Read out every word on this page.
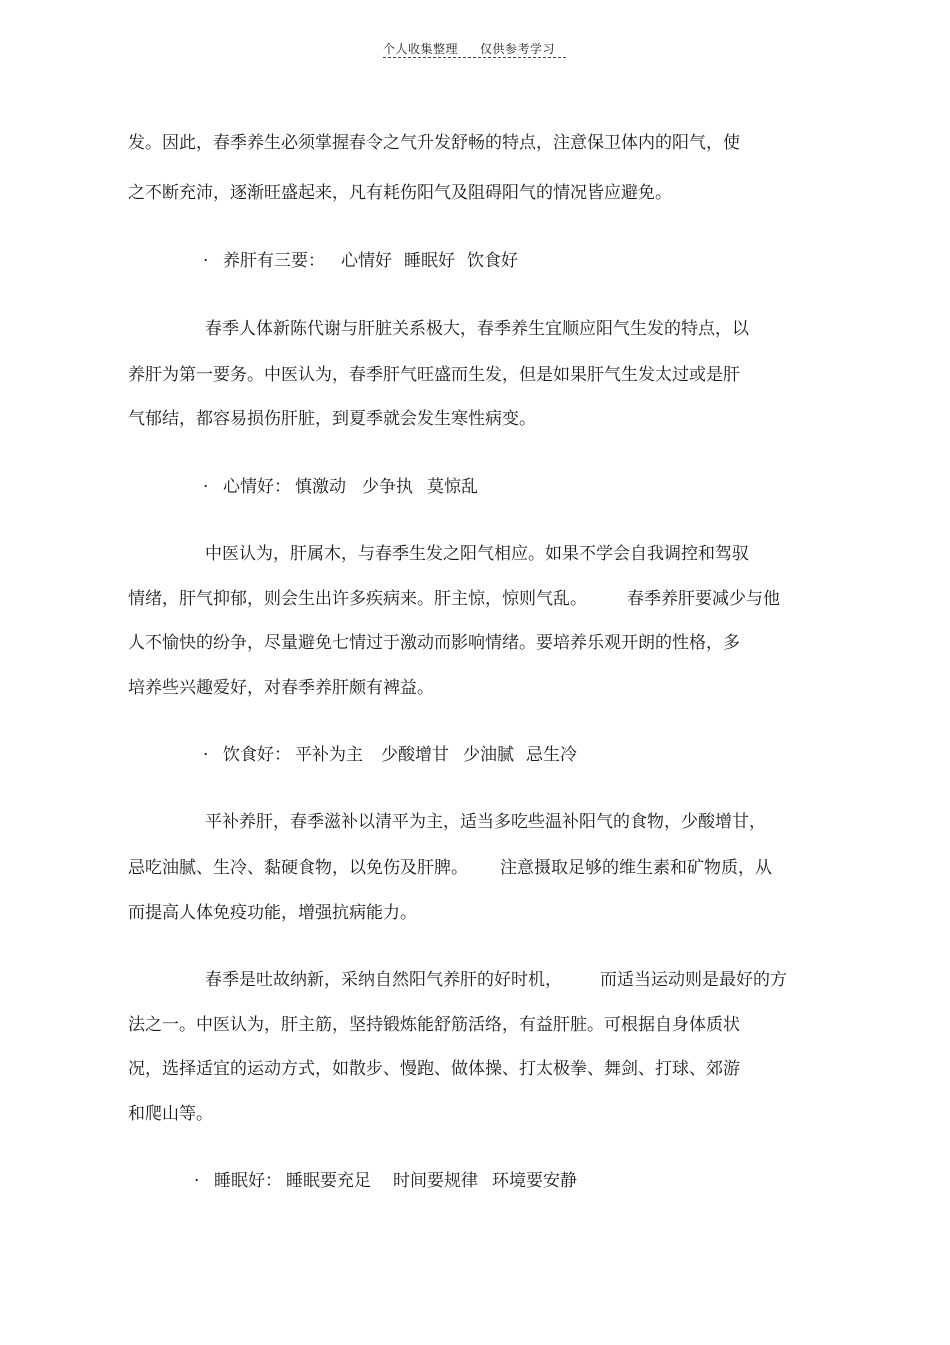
个人收集整理 仅供参考学习
发。因此，春季养生必须掌握春令之气升发舒畅的特点，注意保卫体内的阳气，使
之不断充沛，逐渐旺盛起来，凡有耗伤阳气及阻碍阳气的情况皆应避免。
· 养肝有三要： 心情好 睡眠好 饮食好
春季人体新陈代谢与肝脏关系极大，春季养生宜顺应阳气生发的特点，以
养肝为第一要务。中医认为，春季肝气旺盛而生发，但是如果肝气生发太过或是肝
气郁结，都容易损伤肝脏，到夏季就会发生寒性病变。
· 心情好： 慎激动 少争执 莫惊乱
中医认为，肝属木，与春季生发之阳气相应。如果不学会自我调控和驾驭
情绪，肝气抑郁，则会生出许多疾病来。肝主惊，惊则气乱。 春季养肝要减少与他
人不愉快的纷争，尽量避免七情过于激动而影响情绪。要培养乐观开朗的性格，多
培养些兴趣爱好，对春季养肝颇有裨益。
· 饮食好： 平补为主 少酸增甘 少油腻 忌生冷
平补养肝，春季滋补以清平为主，适当多吃些温补阳气的食物，少酸增甘，
忌吃油腻、生冷、黏硬食物，以免伤及肝脾。 注意摄取足够的维生素和矿物质，从
而提高人体免疫功能，增强抗病能力。
春季是吐故纳新，采纳自然阳气养肝的好时机， 而适当运动则是最好的方
法之一。中医认为，肝主筋，坚持锻炼能舒筋活络，有益肝脏。可根据自身体质状
况，选择适宜的运动方式，如散步、慢跑、做体操、打太极拳、舞剑、打球、郊游
和爬山等。
· 睡眠好： 睡眠要充足 时间要规律 环境要安静
